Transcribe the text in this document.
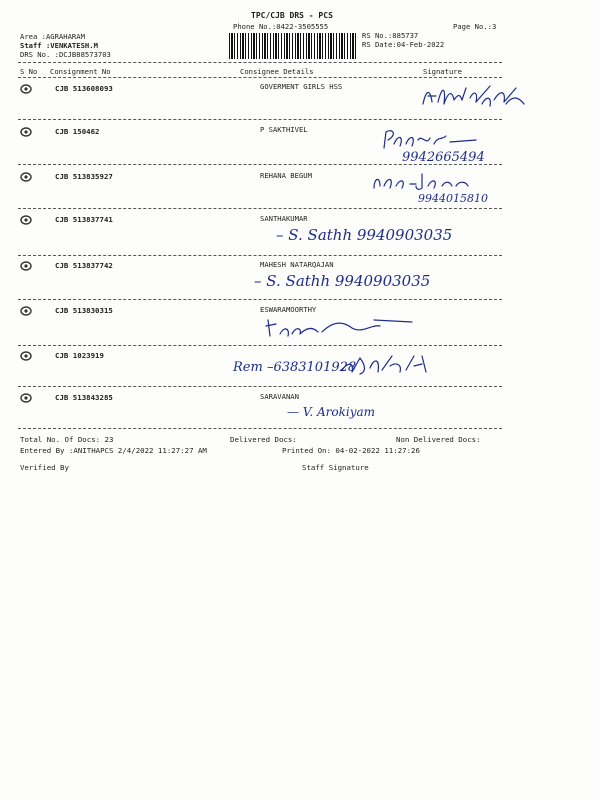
TPC/CJB DRS - PCS
Phone No.:0422-3505555	Page No.:3
Area :AGRAHARAM
Staff :VENKATESH.M
DRS No. :DCJB88573703
RS No.:885737
RS Date:04-Feb-2022
S No Consignment No	Consignee Details	Signature
CJB 513608093	GOVERMENT GIRLS HSS
CJB 150462	P SAKTHIVEL
9942665494
CJB 513835927	REHANA BEGUM
9944015810
CJB 513837741	SANTHAKUMAR
– S. Sathh 9940903035
CJB 513837742	MAHESH NATARQAJAN
– S. Sathh 9940903035
CJB 513830315	ESWARAMOORTHY
CJB 1023919
Rem –6383101928
CJB 513843285	SARAVANAN
— V. Arokiyam
Total No. Of Docs: 23	Delivered Docs:	Non Delivered Docs:
Entered By :ANITHAPCS 2/4/2022 11:27:27 AM	Printed On: 04-02-2022 11:27:26
Verified By	Staff Signature
